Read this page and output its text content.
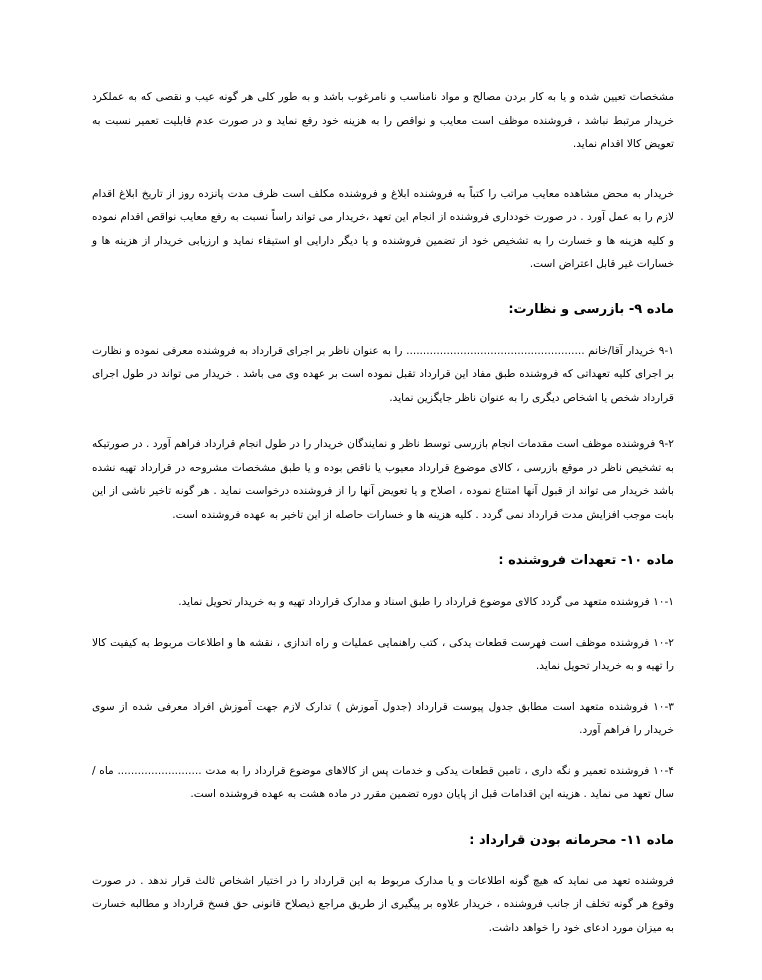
مشخصات تعیین شده و یا به کار بردن مصالح و مواد نامناسب و نامرغوب باشد و به طور کلی هر گونه عیب و نقصی که به عملکرد خریدار مرتبط نباشد ، فروشنده موظف است معایب و نواقص را به هزینه خود رفع نماید و در صورت عدم قابلیت تعمیر نسبت به تعویض کالا اقدام نماید.

خریدار به محض مشاهده معایب مراتب را کتباً به فروشنده ابلاغ و فروشنده مکلف است ظرف مدت پانزده روز از تاریخ ابلاغ اقدام لازم را به عمل آورد . در صورت خودداری فروشنده از انجام این تعهد ،خریدار می تواند راساً نسبت به رفع معایب نواقص اقدام نموده و کلیه هزینه ها و خسارت را به تشخیص خود از تضمین فروشنده و یا دیگر دارایی او استیفاء نماید و ارزیابی خریدار از هزینه ها و خسارات غیر قابل اعتراض است.

ماده ۹- بازرسی و نظارت:

۹-۱ خریدار آقا/خانم ..................................................... را به عنوان ناظر بر اجرای قرارداد به فروشنده معرفی نموده و نظارت بر اجرای کلیه تعهداتی که فروشنده طبق مفاد این قرارداد تقبل نموده است بر عهده وی می باشد . خریدار می تواند در طول اجرای قرارداد شخص یا اشخاص دیگری را به عنوان ناظر جایگزین نماید.

۹-۲ فروشنده موظف است مقدمات انجام بازرسی توسط ناظر و نمایندگان خریدار را در طول انجام قرارداد فراهم آورد . در صورتیکه به تشخیص ناظر در موقع بازرسی ، کالای موضوع قرارداد معیوب یا ناقص بوده و یا طبق مشخصات مشروحه در قرارداد تهیه نشده باشد خریدار می تواند از قبول آنها امتناع نموده ، اصلاح و یا تعویض آنها را از فروشنده درخواست نماید . هر گونه تاخیر ناشی از این بابت موجب افزایش مدت قرارداد نمی گردد . کلیه هزینه ها و خسارات حاصله از این تاخیر به عهده فروشنده است.

ماده ۱۰- تعهدات فروشنده :

۱۰-۱ فروشنده متعهد می گردد کالای موضوع قرارداد را طبق اسناد و مدارک قرارداد تهیه و به خریدار تحویل نماید.

۱۰-۲ فروشنده موظف است فهرست قطعات یدکی ، کتب راهنمایی عملیات و راه اندازی ، نقشه ها و اطلاعات مربوط به کیفیت کالا را تهیه و به خریدار تحویل نماید.

۱۰-۳ فروشنده متعهد است مطابق جدول پیوست قرارداد (جدول آموزش ) تدارک لازم جهت آموزش افراد معرفی شده از سوی خریدار را فراهم آورد.

۱۰-۴ فروشنده تعمیر و نگه داری ، تامین قطعات یدکی و خدمات پس از کالاهای موضوع قرارداد را به مدت ......................... ماه / سال تعهد می نماید . هزینه این اقدامات قبل از پایان دوره تضمین مقرر در ماده هشت به عهده فروشنده است.

ماده ۱۱- محرمانه بودن قرارداد :

فروشنده تعهد می نماید که هیچ گونه اطلاعات و یا مدارک مربوط به این قرارداد را در اختیار اشخاص ثالث قرار ندهد . در صورت وقوع هر گونه تخلف از جانب فروشنده ، خریدار علاوه بر پیگیری از طریق مراجع ذیصلاح قانونی حق فسخ قرارداد و مطالبه خسارت به میزان مورد ادعای خود را خواهد داشت.
